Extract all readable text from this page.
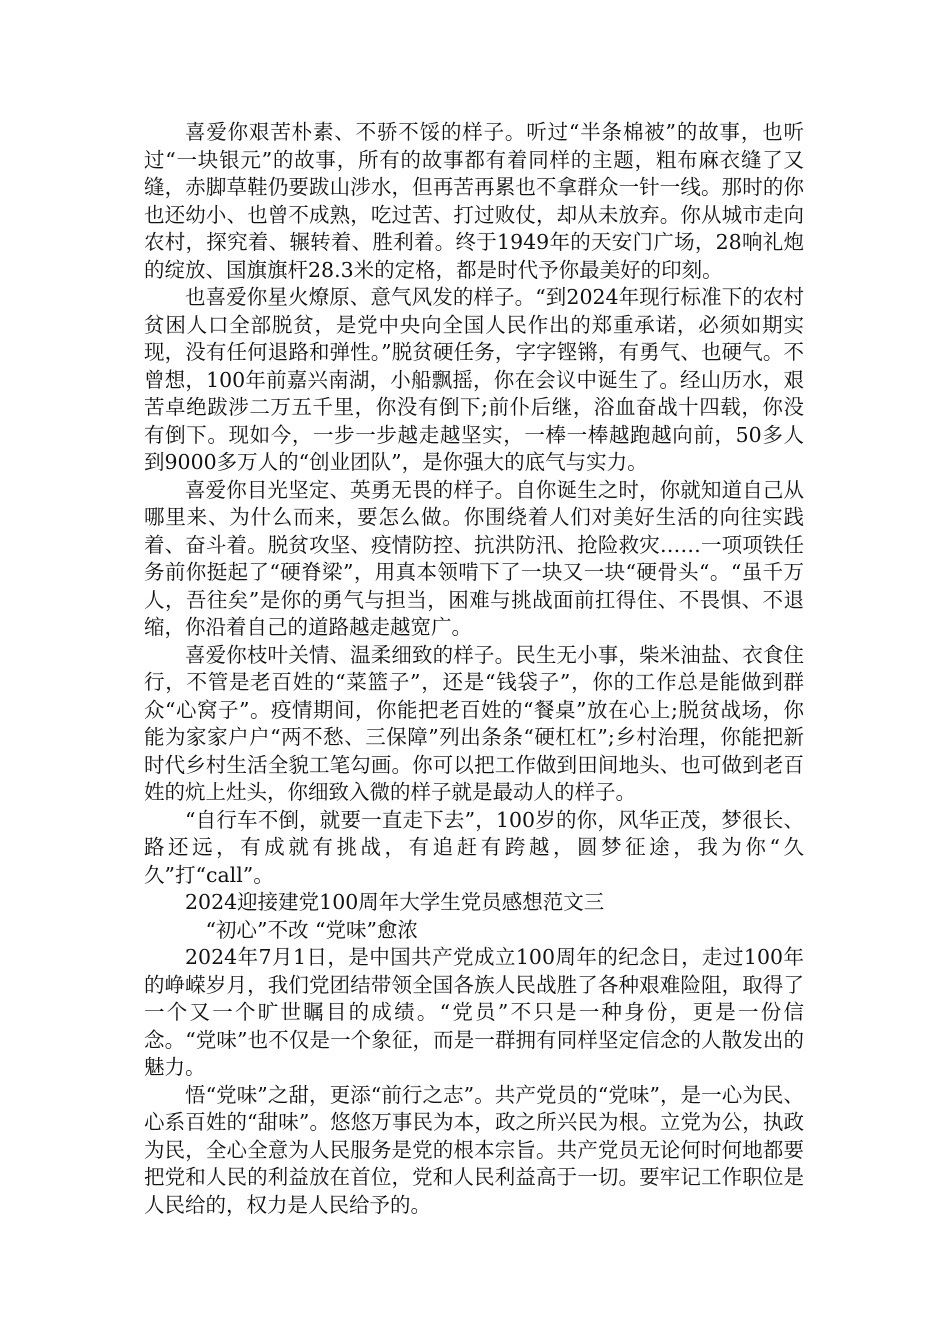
喜爱你艰苦朴素、不骄不馁的样子。听过“半条棉被”的故事，也听过“一块银元”的故事，所有的故事都有着同样的主题，粗布麻衣缝了又缝，赤脚草鞋仍要跋山涉水，但再苦再累也不拿群众一针一线。那时的你也还幼小、也曾不成熟，吃过苦、打过败仗，却从未放弃。你从城市走向农村，探究着、辗转着、胜利着。终于1949年的天安门广场，28响礼炮的绽放、国旗旗杆28.3米的定格，都是时代予你最美好的印刻。

也喜爱你星火燎原、意气风发的样子。“到2024年现行标准下的农村贫困人口全部脱贫，是党中央向全国人民作出的郑重承诺，必须如期实现，没有任何退路和弹性。”脱贫硬任务，字字铿锵，有勇气、也硬气。不曾想，100年前嘉兴南湖，小船飘摇，你在会议中诞生了。经山历水，艰苦卓绝跋涉二万五千里，你没有倒下;前仆后继，浴血奋战十四载，你没有倒下。现如今，一步一步越走越坚实，一棒一棒越跑越向前，50多人到9000多万人的“创业团队”，是你强大的底气与实力。

喜爱你目光坚定、英勇无畏的样子。自你诞生之时，你就知道自己从哪里来、为什么而来，要怎么做。你围绕着人们对美好生活的向往实践着、奋斗着。脱贫攻坚、疫情防控、抗洪防汛、抢险救灾……一项项铁任务前你挺起了“硬脊梁”，用真本领啃下了一块又一块“硬骨头“。“虽千万人，吾往矣”是你的勇气与担当，困难与挑战面前扛得住、不畏惧、不退缩，你沿着自己的道路越走越宽广。

喜爱你枝叶关情、温柔细致的样子。民生无小事，柴米油盐、衣食住行，不管是老百姓的“菜篮子”，还是“钱袋子”，你的工作总是能做到群众“心窝子”。疫情期间，你能把老百姓的“餐桌”放在心上;脱贫战场，你能为家家户户“两不愁、三保障”列出条条“硬杠杠”;乡村治理，你能把新时代乡村生活全貌工笔勾画。你可以把工作做到田间地头、也可做到老百姓的炕上灶头，你细致入微的样子就是最动人的样子。

“自行车不倒，就要一直走下去”，100岁的你，风华正茂，梦很长、路还远，有成就有挑战，有追赶有跨越，圆梦征途，我为你“久久”打“call”。

2024迎接建党100周年大学生党员感想范文三

“初心”不改 “党味”愈浓

2024年7月1日，是中国共产党成立100周年的纪念日，走过100年的峥嵘岁月，我们党团结带领全国各族人民战胜了各种艰难险阻，取得了一个又一个旷世瞩目的成绩。“党员”不只是一种身份，更是一份信念。“党味”也不仅是一个象征，而是一群拥有同样坚定信念的人散发出的魅力。

悟“党味”之甜，更添“前行之志”。共产党员的“党味”，是一心为民、心系百姓的“甜味”。悠悠万事民为本，政之所兴民为根。立党为公，执政为民，全心全意为人民服务是党的根本宗旨。共产党员无论何时何地都要把党和人民的利益放在首位，党和人民利益高于一切。要牢记工作职位是人民给的，权力是人民给予的。
